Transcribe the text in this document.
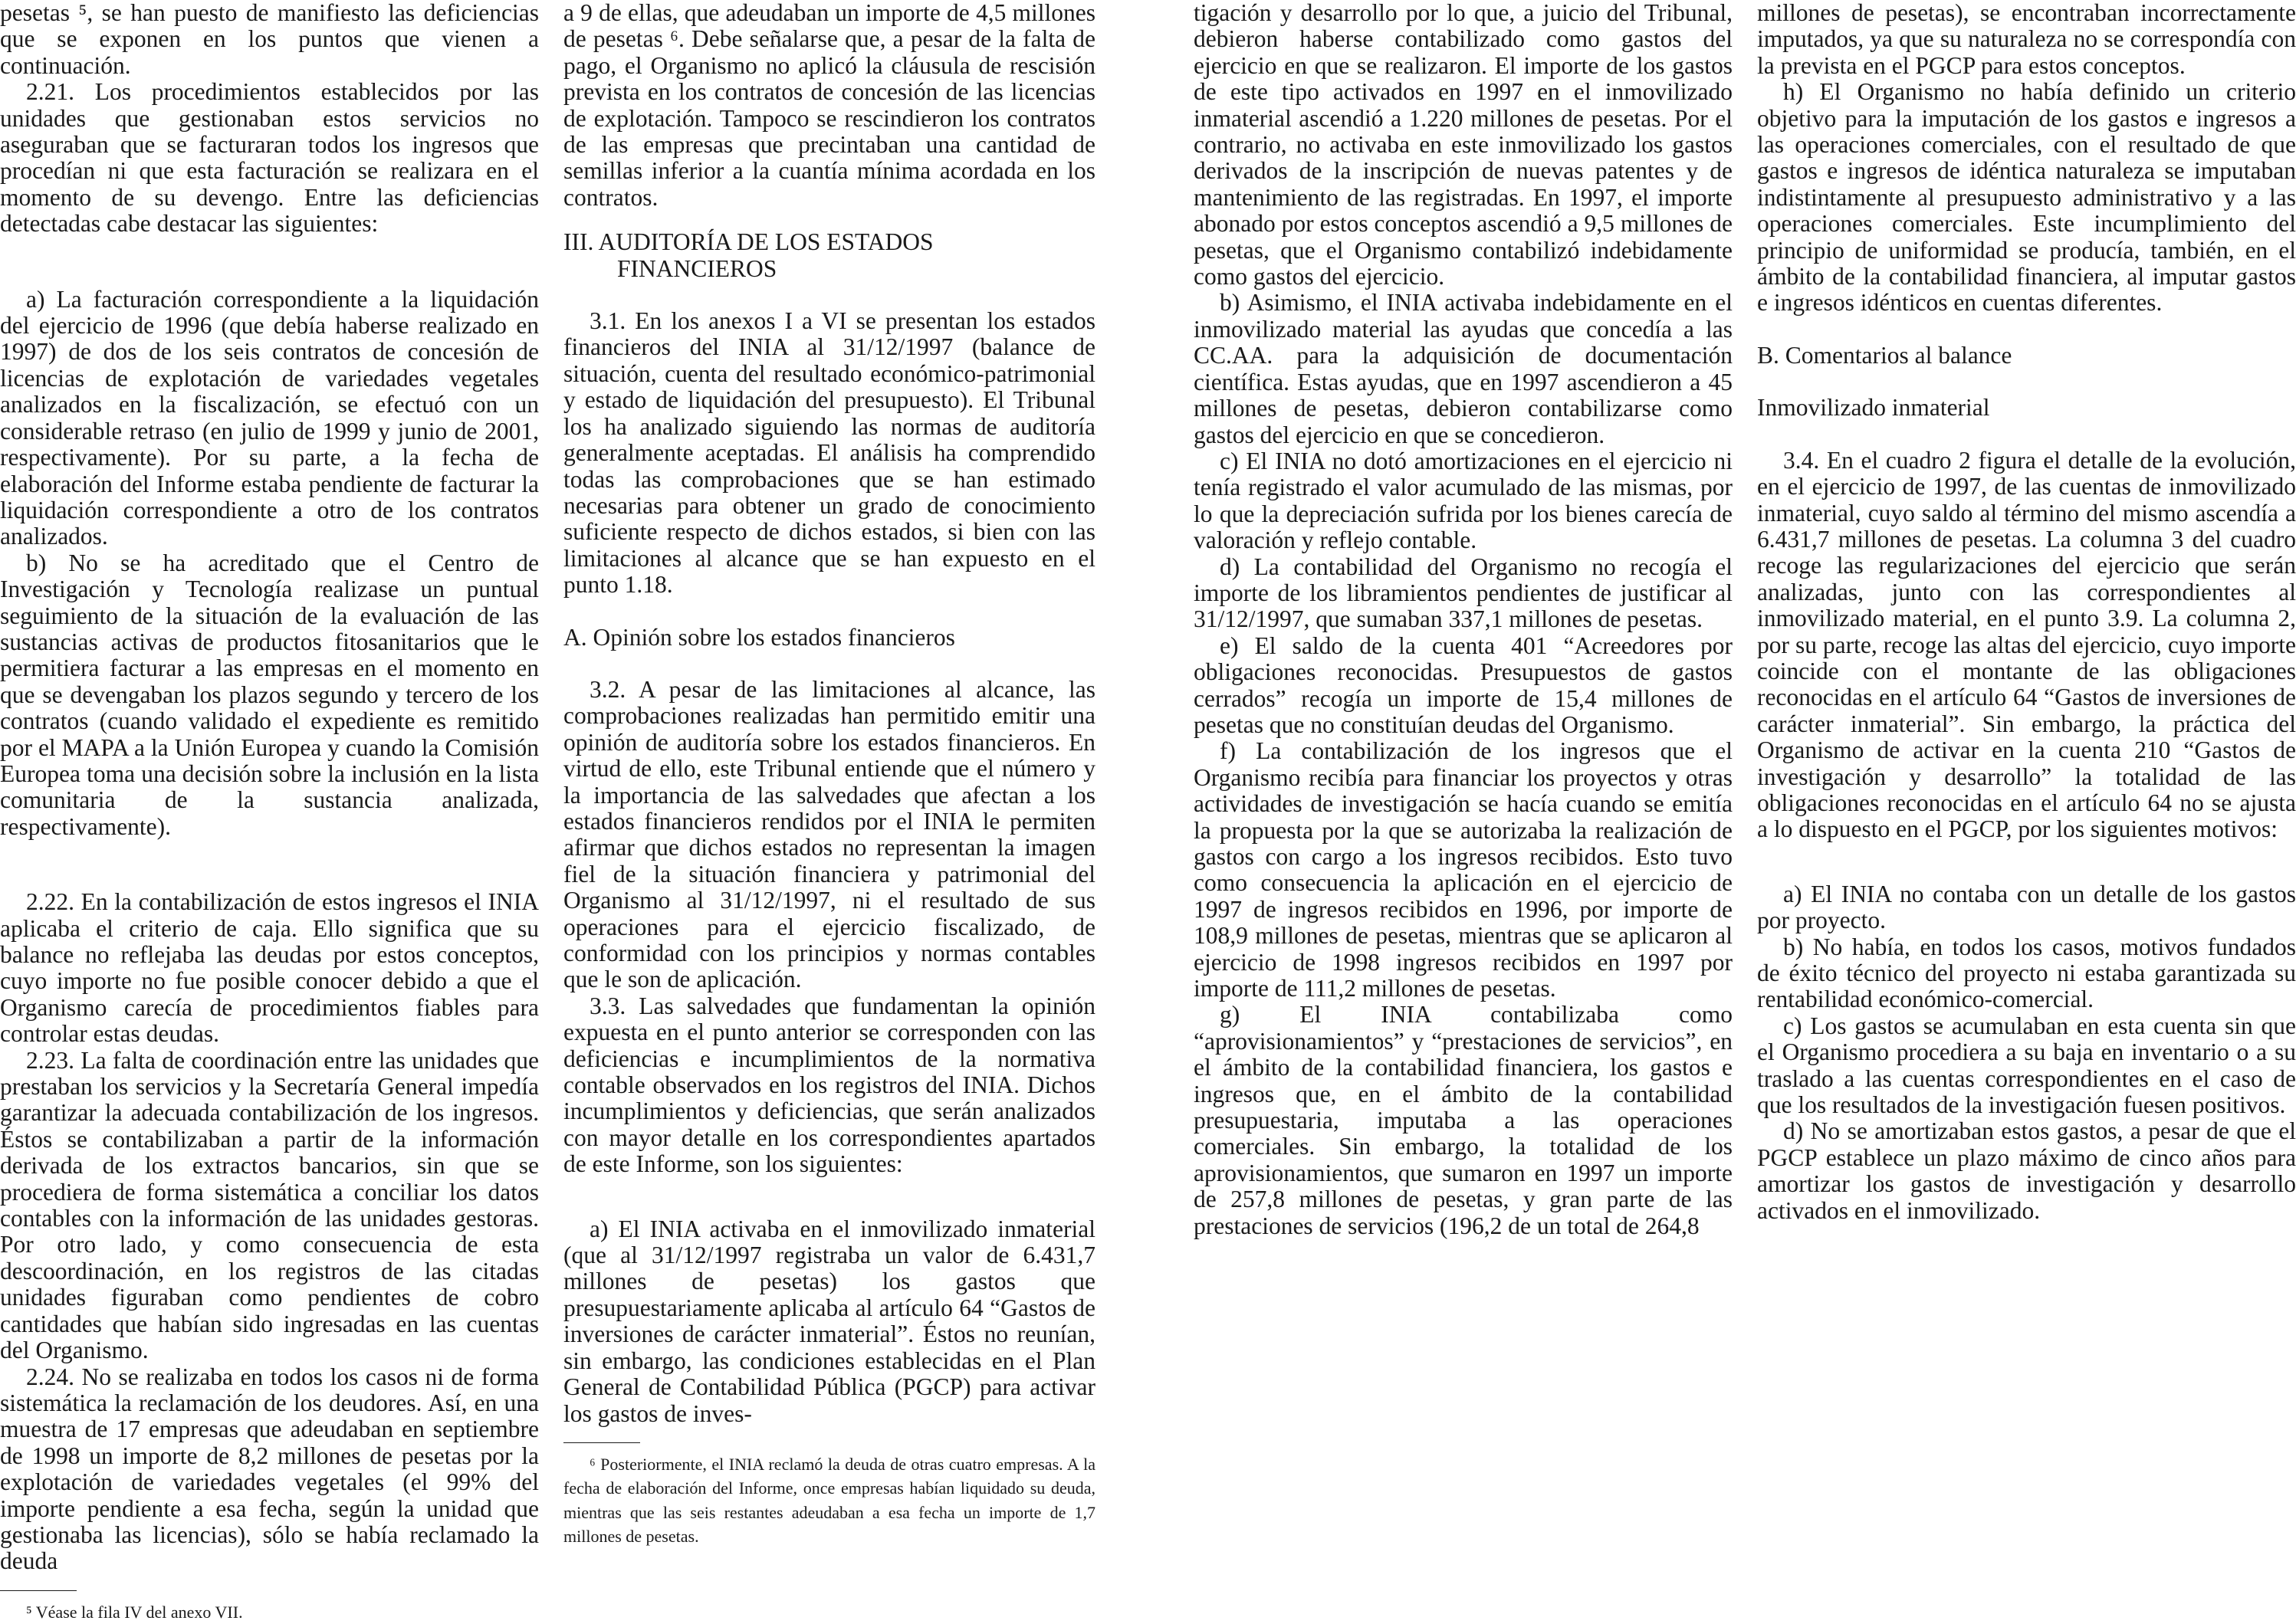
pesetas ⁵, se han puesto de manifiesto las deficiencias que se exponen en los puntos que vienen a continuación.

2.21. Los procedimientos establecidos por las unidades que gestionaban estos servicios no aseguraban que se facturaran todos los ingresos que procedían ni que esta facturación se realizara en el momento de su devengo. Entre las deficiencias detectadas cabe destacar las siguientes:

a) La facturación correspondiente a la liquidación del ejercicio de 1996 (que debía haberse realizado en 1997) de dos de los seis contratos de concesión de licencias de explotación de variedades vegetales analizados en la fiscalización, se efectuó con un considerable retraso (en julio de 1999 y junio de 2001, respectivamente). Por su parte, a la fecha de elaboración del Informe estaba pendiente de facturar la liquidación correspondiente a otro de los contratos analizados.

b) No se ha acreditado que el Centro de Investigación y Tecnología realizase un puntual seguimiento de la situación de la evaluación de las sustancias activas de productos fitosanitarios que le permitiera facturar a las empresas en el momento en que se devengaban los plazos segundo y tercero de los contratos (cuando validado el expediente es remitido por el MAPA a la Unión Europea y cuando la Comisión Europea toma una decisión sobre la inclusión en la lista comunitaria de la sustancia analizada, respectivamente).

2.22. En la contabilización de estos ingresos el INIA aplicaba el criterio de caja. Ello significa que su balance no reflejaba las deudas por estos conceptos, cuyo importe no fue posible conocer debido a que el Organismo carecía de procedimientos fiables para controlar estas deudas.

2.23. La falta de coordinación entre las unidades que prestaban los servicios y la Secretaría General impedía garantizar la adecuada contabilización de los ingresos. Éstos se contabilizaban a partir de la información derivada de los extractos bancarios, sin que se procediera de forma sistemática a conciliar los datos contables con la información de las unidades gestoras. Por otro lado, y como consecuencia de esta descoordinación, en los registros de las citadas unidades figuraban como pendientes de cobro cantidades que habían sido ingresadas en las cuentas del Organismo.

2.24. No se realizaba en todos los casos ni de forma sistemática la reclamación de los deudores. Así, en una muestra de 17 empresas que adeudaban en septiembre de 1998 un importe de 8,2 millones de pesetas por la explotación de variedades vegetales (el 99% del importe pendiente a esa fecha, según la unidad que gestionaba las licencias), sólo se había reclamado la deuda

⁵ Véase la fila IV del anexo VII.

a 9 de ellas, que adeudaban un importe de 4,5 millones de pesetas ⁶. Debe señalarse que, a pesar de la falta de pago, el Organismo no aplicó la cláusula de rescisión prevista en los contratos de concesión de las licencias de explotación. Tampoco se rescindieron los contratos de las empresas que precintaban una cantidad de semillas inferior a la cuantía mínima acordada en los contratos.

III. AUDITORÍA DE LOS ESTADOS FINANCIEROS

3.1. En los anexos I a VI se presentan los estados financieros del INIA al 31/12/1997 (balance de situación, cuenta del resultado económico-patrimonial y estado de liquidación del presupuesto). El Tribunal los ha analizado siguiendo las normas de auditoría generalmente aceptadas. El análisis ha comprendido todas las comprobaciones que se han estimado necesarias para obtener un grado de conocimiento suficiente respecto de dichos estados, si bien con las limitaciones al alcance que se han expuesto en el punto 1.18.

A. Opinión sobre los estados financieros

3.2. A pesar de las limitaciones al alcance, las comprobaciones realizadas han permitido emitir una opinión de auditoría sobre los estados financieros. En virtud de ello, este Tribunal entiende que el número y la importancia de las salvedades que afectan a los estados financieros rendidos por el INIA le permiten afirmar que dichos estados no representan la imagen fiel de la situación financiera y patrimonial del Organismo al 31/12/1997, ni el resultado de sus operaciones para el ejercicio fiscalizado, de conformidad con los principios y normas contables que le son de aplicación.

3.3. Las salvedades que fundamentan la opinión expuesta en el punto anterior se corresponden con las deficiencias e incumplimientos de la normativa contable observados en los registros del INIA. Dichos incumplimientos y deficiencias, que serán analizados con mayor detalle en los correspondientes apartados de este Informe, son los siguientes:

a) El INIA activaba en el inmovilizado inmaterial (que al 31/12/1997 registraba un valor de 6.431,7 millones de pesetas) los gastos que presupuestariamente aplicaba al artículo 64 “Gastos de inversiones de carácter inmaterial”. Éstos no reunían, sin embargo, las condiciones establecidas en el Plan General de Contabilidad Pública (PGCP) para activar los gastos de inves-

⁶ Posteriormente, el INIA reclamó la deuda de otras cuatro empresas. A la fecha de elaboración del Informe, once empresas habían liquidado su deuda, mientras que las seis restantes adeudaban a esa fecha un importe de 1,7 millones de pesetas.

tigación y desarrollo por lo que, a juicio del Tribunal, debieron haberse contabilizado como gastos del ejercicio en que se realizaron. El importe de los gastos de este tipo activados en 1997 en el inmovilizado inmaterial ascendió a 1.220 millones de pesetas. Por el contrario, no activaba en este inmovilizado los gastos derivados de la inscripción de nuevas patentes y de mantenimiento de las registradas. En 1997, el importe abonado por estos conceptos ascendió a 9,5 millones de pesetas, que el Organismo contabilizó indebidamente como gastos del ejercicio.

b) Asimismo, el INIA activaba indebidamente en el inmovilizado material las ayudas que concedía a las CC.AA. para la adquisición de documentación científica. Estas ayudas, que en 1997 ascendieron a 45 millones de pesetas, debieron contabilizarse como gastos del ejercicio en que se concedieron.

c) El INIA no dotó amortizaciones en el ejercicio ni tenía registrado el valor acumulado de las mismas, por lo que la depreciación sufrida por los bienes carecía de valoración y reflejo contable.

d) La contabilidad del Organismo no recogía el importe de los libramientos pendientes de justificar al 31/12/1997, que sumaban 337,1 millones de pesetas.

e) El saldo de la cuenta 401 “Acreedores por obligaciones reconocidas. Presupuestos de gastos cerrados” recogía un importe de 15,4 millones de pesetas que no constituían deudas del Organismo.

f) La contabilización de los ingresos que el Organismo recibía para financiar los proyectos y otras actividades de investigación se hacía cuando se emitía la propuesta por la que se autorizaba la realización de gastos con cargo a los ingresos recibidos. Esto tuvo como consecuencia la aplicación en el ejercicio de 1997 de ingresos recibidos en 1996, por importe de 108,9 millones de pesetas, mientras que se aplicaron al ejercicio de 1998 ingresos recibidos en 1997 por importe de 111,2 millones de pesetas.

g) El INIA contabilizaba como “aprovisionamientos” y “prestaciones de servicios”, en el ámbito de la contabilidad financiera, los gastos e ingresos que, en el ámbito de la contabilidad presupuestaria, imputaba a las operaciones comerciales. Sin embargo, la totalidad de los aprovisionamientos, que sumaron en 1997 un importe de 257,8 millones de pesetas, y gran parte de las prestaciones de servicios (196,2 de un total de 264,8

millones de pesetas), se encontraban incorrectamente imputados, ya que su naturaleza no se correspondía con la prevista en el PGCP para estos conceptos.

h) El Organismo no había definido un criterio objetivo para la imputación de los gastos e ingresos a las operaciones comerciales, con el resultado de que gastos e ingresos de idéntica naturaleza se imputaban indistintamente al presupuesto administrativo y a las operaciones comerciales. Este incumplimiento del principio de uniformidad se producía, también, en el ámbito de la contabilidad financiera, al imputar gastos e ingresos idénticos en cuentas diferentes.

B. Comentarios al balance

Inmovilizado inmaterial

3.4. En el cuadro 2 figura el detalle de la evolución, en el ejercicio de 1997, de las cuentas de inmovilizado inmaterial, cuyo saldo al término del mismo ascendía a 6.431,7 millones de pesetas. La columna 3 del cuadro recoge las regularizaciones del ejercicio que serán analizadas, junto con las correspondientes al inmovilizado material, en el punto 3.9. La columna 2, por su parte, recoge las altas del ejercicio, cuyo importe coincide con el montante de las obligaciones reconocidas en el artículo 64 “Gastos de inversiones de carácter inmaterial”. Sin embargo, la práctica del Organismo de activar en la cuenta 210 “Gastos de investigación y desarrollo” la totalidad de las obligaciones reconocidas en el artículo 64 no se ajusta a lo dispuesto en el PGCP, por los siguientes motivos:

a) El INIA no contaba con un detalle de los gastos por proyecto.

b) No había, en todos los casos, motivos fundados de éxito técnico del proyecto ni estaba garantizada su rentabilidad económico-comercial.

c) Los gastos se acumulaban en esta cuenta sin que el Organismo procediera a su baja en inventario o a su traslado a las cuentas correspondientes en el caso de que los resultados de la investigación fuesen positivos.

d) No se amortizaban estos gastos, a pesar de que el PGCP establece un plazo máximo de cinco años para amortizar los gastos de investigación y desarrollo activados en el inmovilizado.
